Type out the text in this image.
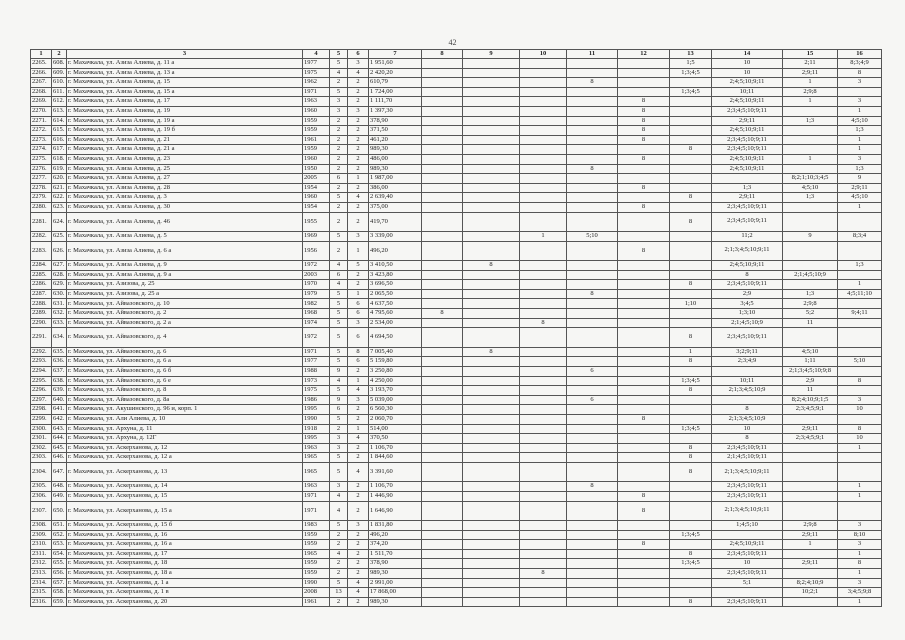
42
1	2	3	4	5	6	7	8	9	10	11	12	13	14	15	16
2265.	608.	г. Махачкала, ул. Азиза Алиева, д. 11 а	1977	5	3	1 951,60						1;5	10	2;11	8;3;4;9
2266.	609.	г. Махачкала, ул. Азиза Алиева, д. 13 а	1975	4	4	2 420,20						1;3;4;5	10	2;9;11	8
2267.	610.	г. Махачкала, ул. Азиза Алиева, д. 15	1962	2	2	610,79				8			2;4;5;10;9;11	1	3
2268.	611.	г. Махачкала, ул. Азиза Алиева, д. 15 а	1971	5	2	1 724,00						1;3;4;5	10;11	2;9;8	
2269.	612.	г. Махачкала, ул. Азиза Алиева, д. 17	1963	3	2	1 111,70					8		2;4;5;10;9;11	1	3
2270.	613.	г. Махачкала, ул. Азиза Алиева, д. 19	1960	3	3	1 397,30					8		2;3;4;5;10;9;11		1
2271.	614.	г. Махачкала, ул. Азиза Алиева, д. 19 а	1959	2	2	378,90					8		2;9;11	1;3	4;5;10
2272.	615.	г. Махачкала, ул. Азиза Алиева, д. 19 б	1959	2	2	371,50					8		2;4;5;10;9;11		1;3
2273.	616.	г. Махачкала, ул. Азиза Алиева, д. 21	1961	2	2	461,20					8		2;3;4;5;10;9;11		1
2274.	617.	г. Махачкала, ул. Азиза Алиева, д. 21 а	1959	2	2	989,30						8	2;3;4;5;10;9;11		1
2275.	618.	г. Махачкала, ул. Азиза Алиева, д. 23	1960	2	2	486,00					8		2;4;5;10;9;11	1	3
2276.	619.	г. Махачкала, ул. Азиза Алиева, д. 25	1950	2	2	989,30				8			2;4;5;10;9;11		1;3
2277.	620.	г. Махачкала, ул. Азиза Алиева, д. 27	2005	6	1	1 987,00								8;2;1;10;3;4;5	9
2278.	621.	г. Махачкала, ул. Азиза Алиева, д. 28	1954	2	2	386,00					8		1;3	4;5;10	2;9;11
2279.	622.	г. Махачкала, ул. Азиза Алиева, д. 3	1960	5	4	2 639,40						8	2;9;11	1;3	4;5;10
2280.	623.	г. Махачкала, ул. Азиза Алиева, д. 30	1954	2	2	375,00					8		2;3;4;5;10;9;11		1
2281.	624.	г. Махачкала, ул. Азиза Алиева, д. 46	1955	2	2	419,70						8	2;3;4;5;10;9;11		
2282.	625.	г. Махачкала, ул. Азиза Алиева, д. 5	1969	5	3	3 339,00			1	5;10			11;2	9	8;3;4
2283.	626.	г. Махачкала, ул. Азиза Алиева, д. 6 а	1956	2	1	496,20					8		2;1;3;4;5;10;9;11		
2284.	627.	г. Махачкала, ул. Азиза Алиева, д. 9	1972	4	5	3 410,50		8					2;4;5;10;9;11		1;3
2285.	628.	г. Махачкала, ул. Азиза Алиева, д. 9 а	2003	6	2	3 423,80							8	2;1;4;5;10;9	
2286.	629.	г. Махачкала, ул. Азизова, д. 25	1970	4	2	3 696,50						8	2;3;4;5;10;9;11		1
2287.	630.	г. Махачкала, ул. Азизова, д. 25 а	1979	5	1	2 065,50				8			2;9	1;3	4;5;11;10
2288.	631.	г. Махачкала, ул. Айвазовского, д. 10	1982	5	6	4 637,50						1;10	3;4;5	2;9;8	
2289.	632.	г. Махачкала, ул. Айвазовского, д. 2	1968	5	6	4 795,60	8						1;3;10	5;2	9;4;11
2290.	633.	г. Махачкала, ул. Айвазовского, д. 2 а	1974	5	3	2 534,00			8				2;1;4;5;10;9	11	
2291.	634.	г. Махачкала, ул. Айвазовского, д. 4	1972	5	6	4 694,50						8	2;3;4;5;10;9;11		
2292.	635.	г. Махачкала, ул. Айвазовского, д. 6	1971	5	8	7 005,40		8				1	3;2;9;11	4;5;10	
2293.	636.	г. Махачкала, ул. Айвазовского, д. 6 а	1977	5	6	5 159,80						8	2;3;4;9	1;11	5;10
2294.	637.	г. Махачкала, ул. Айвазовского, д. 6 б	1988	9	2	3 250,80				6				2;1;3;4;5;10;9;8	
2295.	638.	г. Махачкала, ул. Айвазовского, д. 6 е	1973	4	1	4 250,00						1;3;4;5	10;11	2;9	8
2296.	639.	г. Махачкала, ул. Айвазовского, д. 8	1975	5	4	3 193,70						8	2;1;3;4;5;10;9	11	
2297.	640.	г. Махачкала, ул. Айвазовского, д. 8а	1986	9	3	5 039,00				6				8;2;4;10;9;1;5	3
2298.	641.	г. Махачкала, ул. Акушинского, д. 96 и, корп. 1	1995	6	2	6 560,30							8	2;3;4;5;9;1	10
2299.	642.	г. Махачкала, ул. Али Алиева, д. 10	1990	5	2	2 060,70					8		2;1;3;4;5;10;9		
2300.	643.	г. Махачкала, ул. Архуна, д. 11	1918	2	1	514,00						1;3;4;5	10	2;9;11	8
2301.	644.	г. Махачкала, ул. Архуна, д. 12Г	1995	3	4	370,50							8	2;3;4;5;9;1	10
2302.	645.	г. Махачкала, ул. Аскерханова, д. 12	1963	3	2	1 106,70						8	2;3;4;5;10;9;11		1
2303.	646.	г. Махачкала, ул. Аскерханова, д. 12 а	1965	5	2	1 844,60						8	2;1;4;5;10;9;11		
2304.	647.	г. Махачкала, ул. Аскерханова, д. 13	1965	5	4	3 391,60						8	2;1;3;4;5;10;9;11		
2305.	648.	г. Махачкала, ул. Аскерханова, д. 14	1963	3	2	1 106,70				8			2;3;4;5;10;9;11		1
2306.	649.	г. Махачкала, ул. Аскерханова, д. 15	1971	4	2	1 446,90					8		2;3;4;5;10;9;11		1
2307.	650.	г. Махачкала, ул. Аскерханова, д. 15 а	1971	4	2	1 646,90					8		2;1;3;4;5;10;9;11		
2308.	651.	г. Махачкала, ул. Аскерханова, д. 15 б	1983	5	3	1 831,80							1;4;5;10	2;9;8	3
2309.	652.	г. Махачкала, ул. Аскерханова, д. 16	1959	2	2	496,20						1;3;4;5		2;9;11	8;10
2310.	653.	г. Махачкала, ул. Аскерханова, д. 16 а	1959	2	2	374,20					8		2;4;5;10;9;11	1	3
2311.	654.	г. Махачкала, ул. Аскерханова, д. 17	1965	4	2	1 511,70						8	2;3;4;5;10;9;11		1
2312.	655.	г. Махачкала, ул. Аскерханова, д. 18	1959	2	2	378,90						1;3;4;5	10	2;9;11	8
2313.	656.	г. Махачкала, ул. Аскерханова, д. 18 а	1959	2	2	989,30			8				2;3;4;5;10;9;11		1
2314.	657.	г. Махачкала, ул. Аскерханова, д. 1 а	1990	5	4	2 991,00							5;1	8;2;4;10;9	3
2315.	658.	г. Махачкала, ул. Аскерханова, д. 1 в	2008	13	4	17 868,00								10;2;1	3;4;5;9;8
2316.	659.	г. Махачкала, ул. Аскерханова, д. 20	1961	2	2	989,30						8	2;3;4;5;10;9;11		1
